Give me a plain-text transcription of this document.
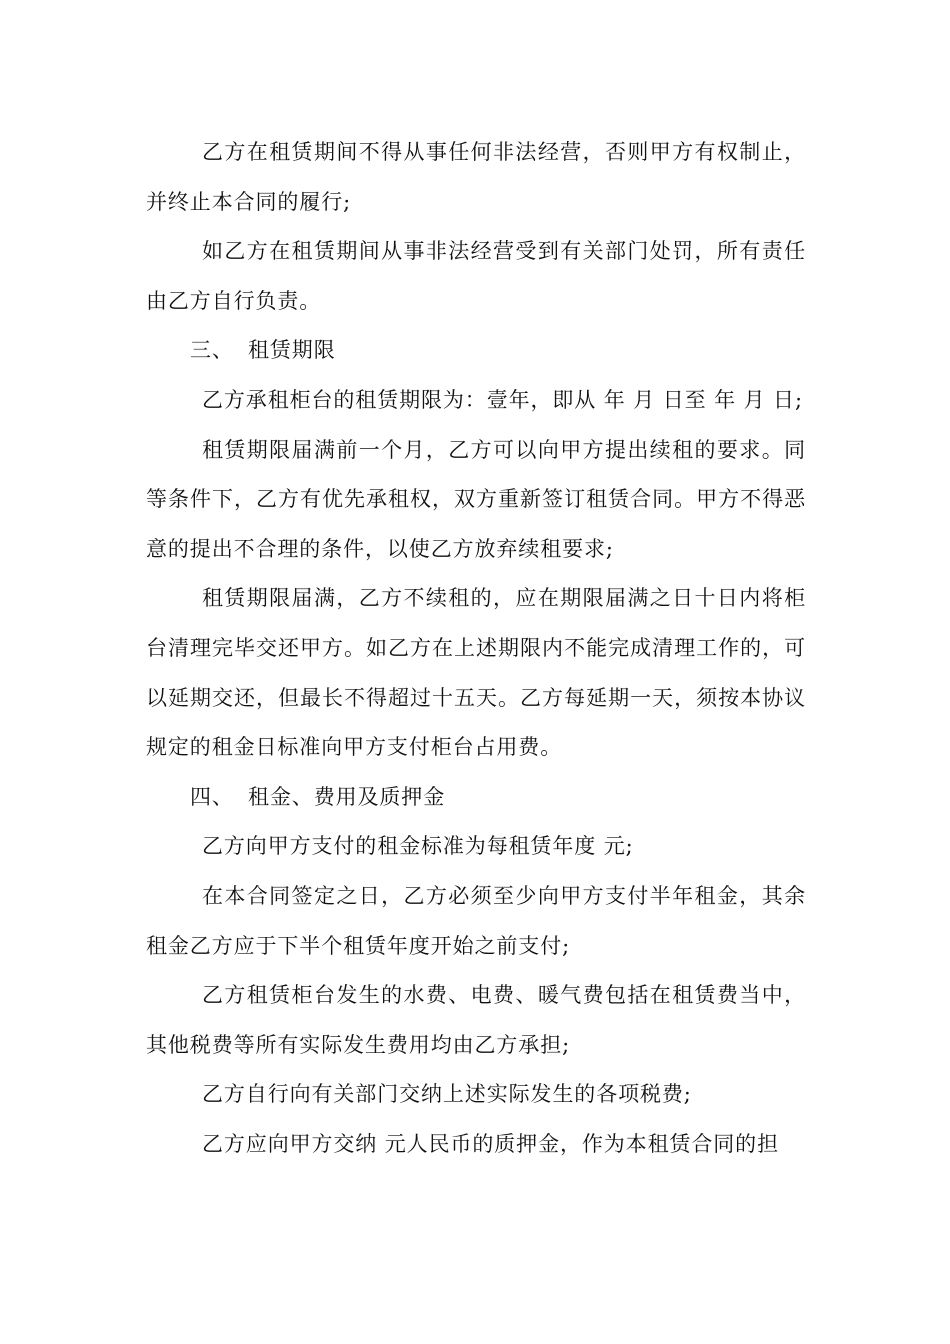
乙方在租赁期间不得从事任何非法经营，否则甲方有权制止，并终止本合同的履行;

如乙方在租赁期间从事非法经营受到有关部门处罚，所有责任由乙方自行负责。

三、 租赁期限

乙方承租柜台的租赁期限为：壹年，即从 年 月 日至 年 月 日;

租赁期限届满前一个月，乙方可以向甲方提出续租的要求。同等条件下，乙方有优先承租权，双方重新签订租赁合同。甲方不得恶意的提出不合理的条件，以使乙方放弃续租要求;

租赁期限届满，乙方不续租的，应在期限届满之日十日内将柜台清理完毕交还甲方。如乙方在上述期限内不能完成清理工作的，可以延期交还，但最长不得超过十五天。乙方每延期一天，须按本协议规定的租金日标准向甲方支付柜台占用费。

四、 租金、费用及质押金

乙方向甲方支付的租金标准为每租赁年度 元;

在本合同签定之日，乙方必须至少向甲方支付半年租金，其余租金乙方应于下半个租赁年度开始之前支付;

乙方租赁柜台发生的水费、电费、暖气费包括在租赁费当中，其他税费等所有实际发生费用均由乙方承担;

乙方自行向有关部门交纳上述实际发生的各项税费;

乙方应向甲方交纳 元人民币的质押金，作为本租赁合同的担
